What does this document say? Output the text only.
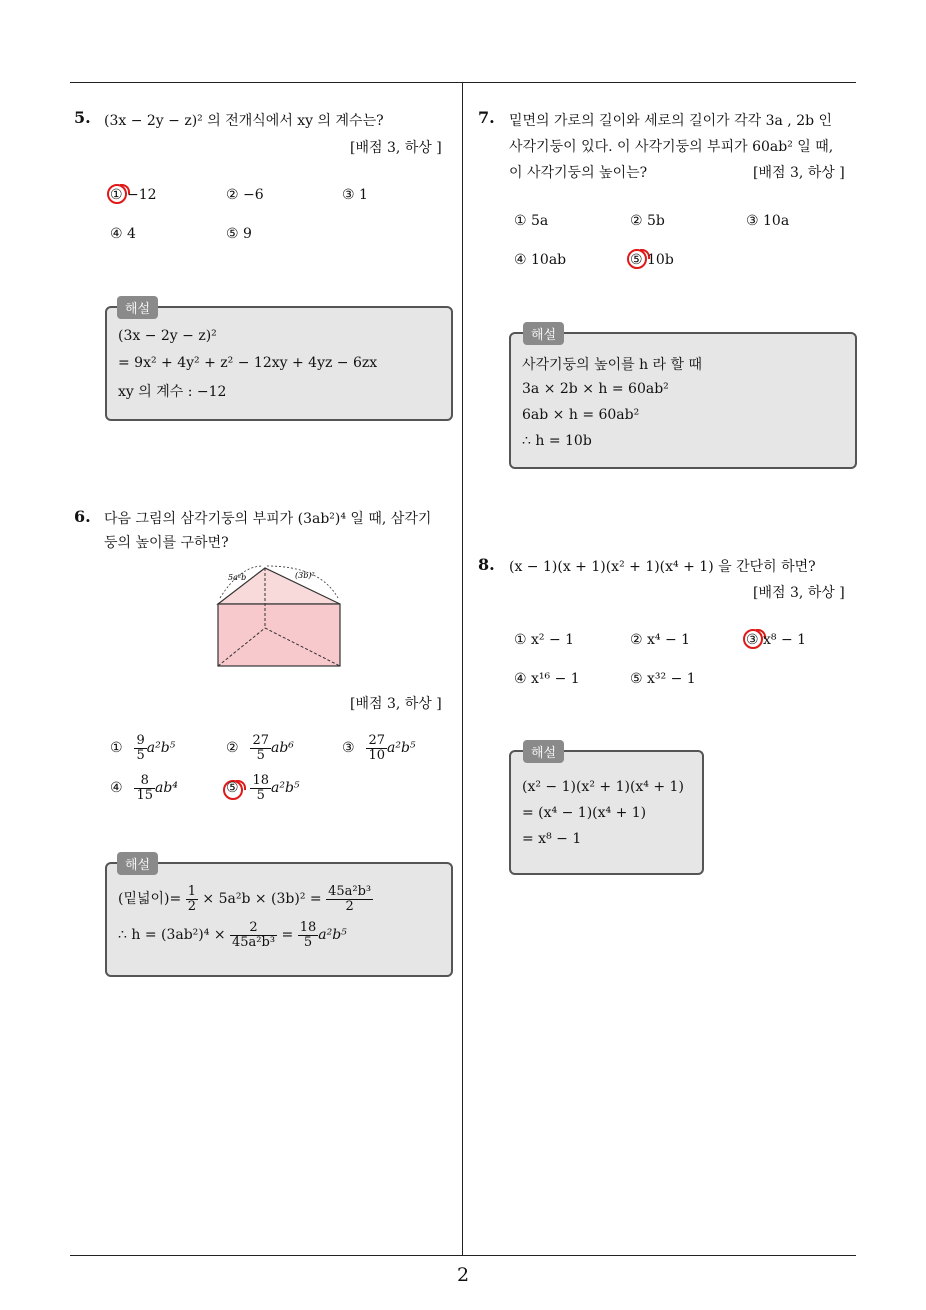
2
5. (3x − 2y − z)² 의 전개식에서 xy 의 계수는?
[배점 3, 하상 ]
① −12	② −6	③ 1
④ 4	⑤ 9
해설
(3x − 2y − z)²
= 9x² + 4y² + z² − 12xy + 4yz − 6zx
xy 의 계수 : −12
6. 다음 그림의 삼각기둥의 부피가 (3ab²)⁴ 일 때, 삼각기
둥의 높이를 구하면?
5a²b	(3b)²
[배점 3, 하상 ]
① $\frac{9}{5} a^2b^5$	② $\frac{27}{5} ab^6$	③ $\frac{27}{10} a^2b^5$
④ $\frac{8}{15} ab^4$	⑤ $\frac{18}{5} a^2b^5$
해설
(밑넓이)= $\frac{1}{2} \times 5a^2b \times (3b)^2 = \frac{\text{45a²b³}}{2}$
∴ $h = (3ab^2)^4 \times \frac{2}{\text{45a²b³}} = \frac{18}{5} a^2b^5$
7. 밑면의 가로의 길이와 세로의 길이가 각각 3a , 2b 인
사각기둥이 있다. 이 사각기둥의 부피가 60ab² 일 때,
이 사각기둥의 높이는?	[배점 3, 하상 ]
① 5a	② 5b	③ 10a
④ 10ab	⑤ 10b
해설
사각기둥의 높이를 h 라 할 때
3a × 2b × h = 60ab²
6ab × h = 60ab²
∴ h = 10b
8. (x − 1)(x + 1)(x² + 1)(x⁴ + 1) 을 간단히 하면?
[배점 3, 하상 ]
① x² − 1	② x⁴ − 1	③ x⁸ − 1
④ x¹⁶ − 1	⑤ x³² − 1
해설
(x² − 1)(x² + 1)(x⁴ + 1)
= (x⁴ − 1)(x⁴ + 1)
= x⁸ − 1
